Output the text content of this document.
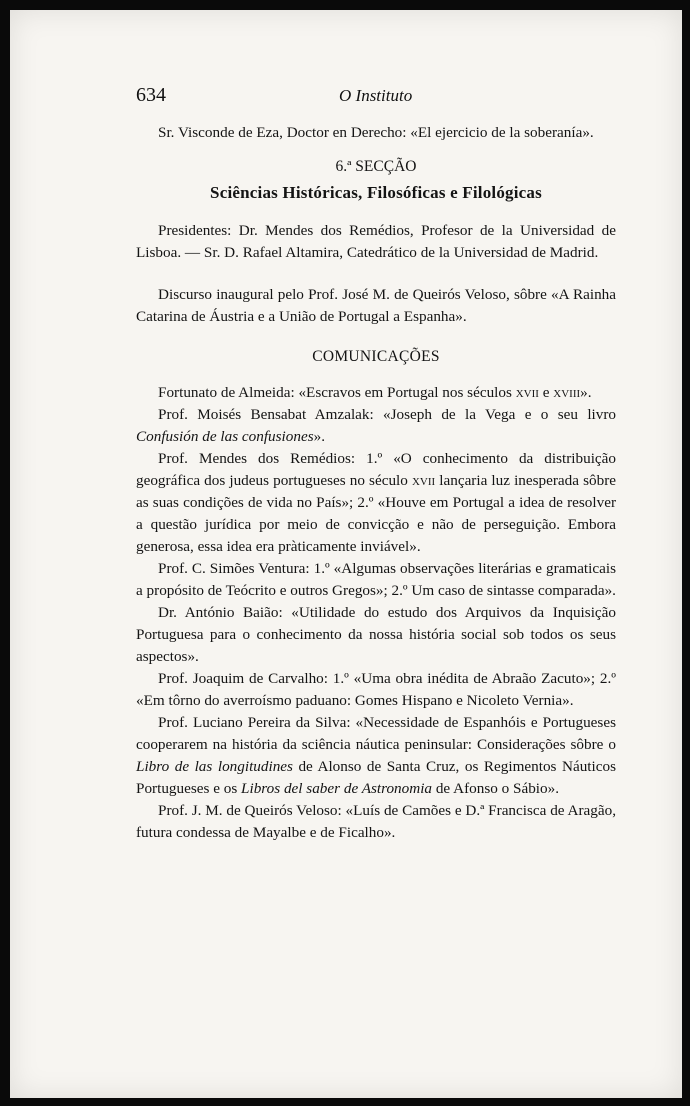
634	O Instituto

Sr. Visconde de Eza, Doctor en Derecho: «El ejercicio de la soberanía».

6.ª SECÇÃO

Sciências Históricas, Filosóficas e Filológicas

Presidentes: Dr. Mendes dos Remédios, Profesor de la Universidad de Lisboa. — Sr. D. Rafael Altamira, Catedrático de la Universidad de Madrid.

Discurso inaugural pelo Prof. José M. de Queirós Veloso, sôbre «A Rainha Catarina de Áustria e a União de Portugal a Espanha».

COMUNICAÇÕES

Fortunato de Almeida: «Escravos em Portugal nos séculos xvii e xviii».

Prof. Moisés Bensabat Amzalak: «Joseph de la Vega e o seu livro Confusión de las confusiones».

Prof. Mendes dos Remédios: 1.º «O conhecimento da distribuição geográfica dos judeus portugueses no século xvii lançaria luz inesperada sôbre as suas condições de vida no País»; 2.º «Houve em Portugal a idea de resolver a questão jurídica por meio de convicção e não de perseguição. Embora generosa, essa idea era pràticamente inviável».

Prof. C. Simões Ventura: 1.º «Algumas observações literárias e gramaticais a propósito de Teócrito e outros Gregos»; 2.º Um caso de sintasse comparada».

Dr. António Baião: «Utilidade do estudo dos Arquivos da Inquisição Portuguesa para o conhecimento da nossa história social sob todos os seus aspectos».

Prof. Joaquim de Carvalho: 1.º «Uma obra inédita de Abraão Zacuto»; 2.º «Em tôrno do averroísmo paduano: Gomes Hispano e Nicoleto Vernia».

Prof. Luciano Pereira da Silva: «Necessidade de Espanhóis e Portugueses cooperarem na história da sciência náutica peninsular: Considerações sôbre o Libro de las longitudines de Alonso de Santa Cruz, os Regimentos Náuticos Portugueses e os Libros del saber de Astronomia de Afonso o Sábio».

Prof. J. M. de Queirós Veloso: «Luís de Camões e D.ª Francisca de Aragão, futura condessa de Mayalbe e de Ficalho».
